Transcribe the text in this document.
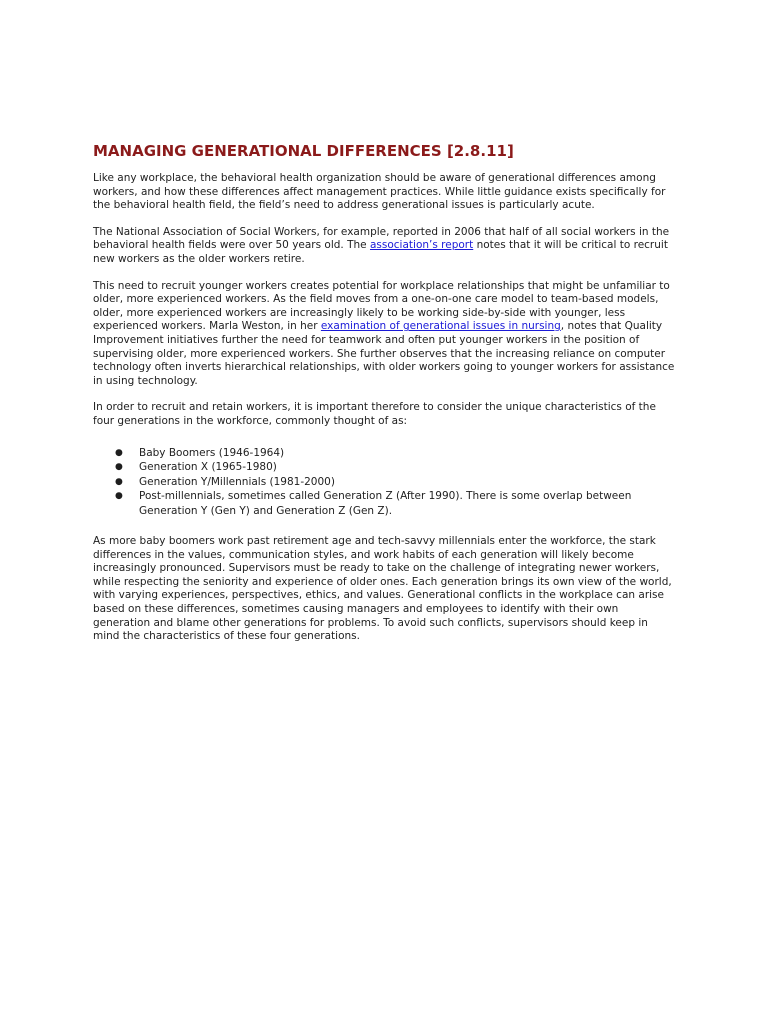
MANAGING GENERATIONAL DIFFERENCES [2.8.11]

Like any workplace, the behavioral health organization should be aware of generational differences among workers, and how these differences affect management practices. While little guidance exists specifically for the behavioral health field, the field’s need to address generational issues is particularly acute.

The National Association of Social Workers, for example, reported in 2006 that half of all social workers in the behavioral health fields were over 50 years old. The association’s report notes that it will be critical to recruit new workers as the older workers retire.

This need to recruit younger workers creates potential for workplace relationships that might be unfamiliar to older, more experienced workers. As the field moves from a one-on-one care model to team-based models, older, more experienced workers are increasingly likely to be working side-by-side with younger, less experienced workers. Marla Weston, in her examination of generational issues in nursing, notes that Quality Improvement initiatives further the need for teamwork and often put younger workers in the position of supervising older, more experienced workers. She further observes that the increasing reliance on computer technology often inverts hierarchical relationships, with older workers going to younger workers for assistance in using technology.

In order to recruit and retain workers, it is important therefore to consider the unique characteristics of the four generations in the workforce, commonly thought of as:

● Baby Boomers (1946-1964)
● Generation X (1965-1980)
● Generation Y/Millennials (1981-2000)
● Post-millennials, sometimes called Generation Z (After 1990). There is some overlap between Generation Y (Gen Y) and Generation Z (Gen Z).

As more baby boomers work past retirement age and tech-savvy millennials enter the workforce, the stark differences in the values, communication styles, and work habits of each generation will likely become increasingly pronounced. Supervisors must be ready to take on the challenge of integrating newer workers, while respecting the seniority and experience of older ones. Each generation brings its own view of the world, with varying experiences, perspectives, ethics, and values. Generational conflicts in the workplace can arise based on these differences, sometimes causing managers and employees to identify with their own generation and blame other generations for problems. To avoid such conflicts, supervisors should keep in mind the characteristics of these four generations.
